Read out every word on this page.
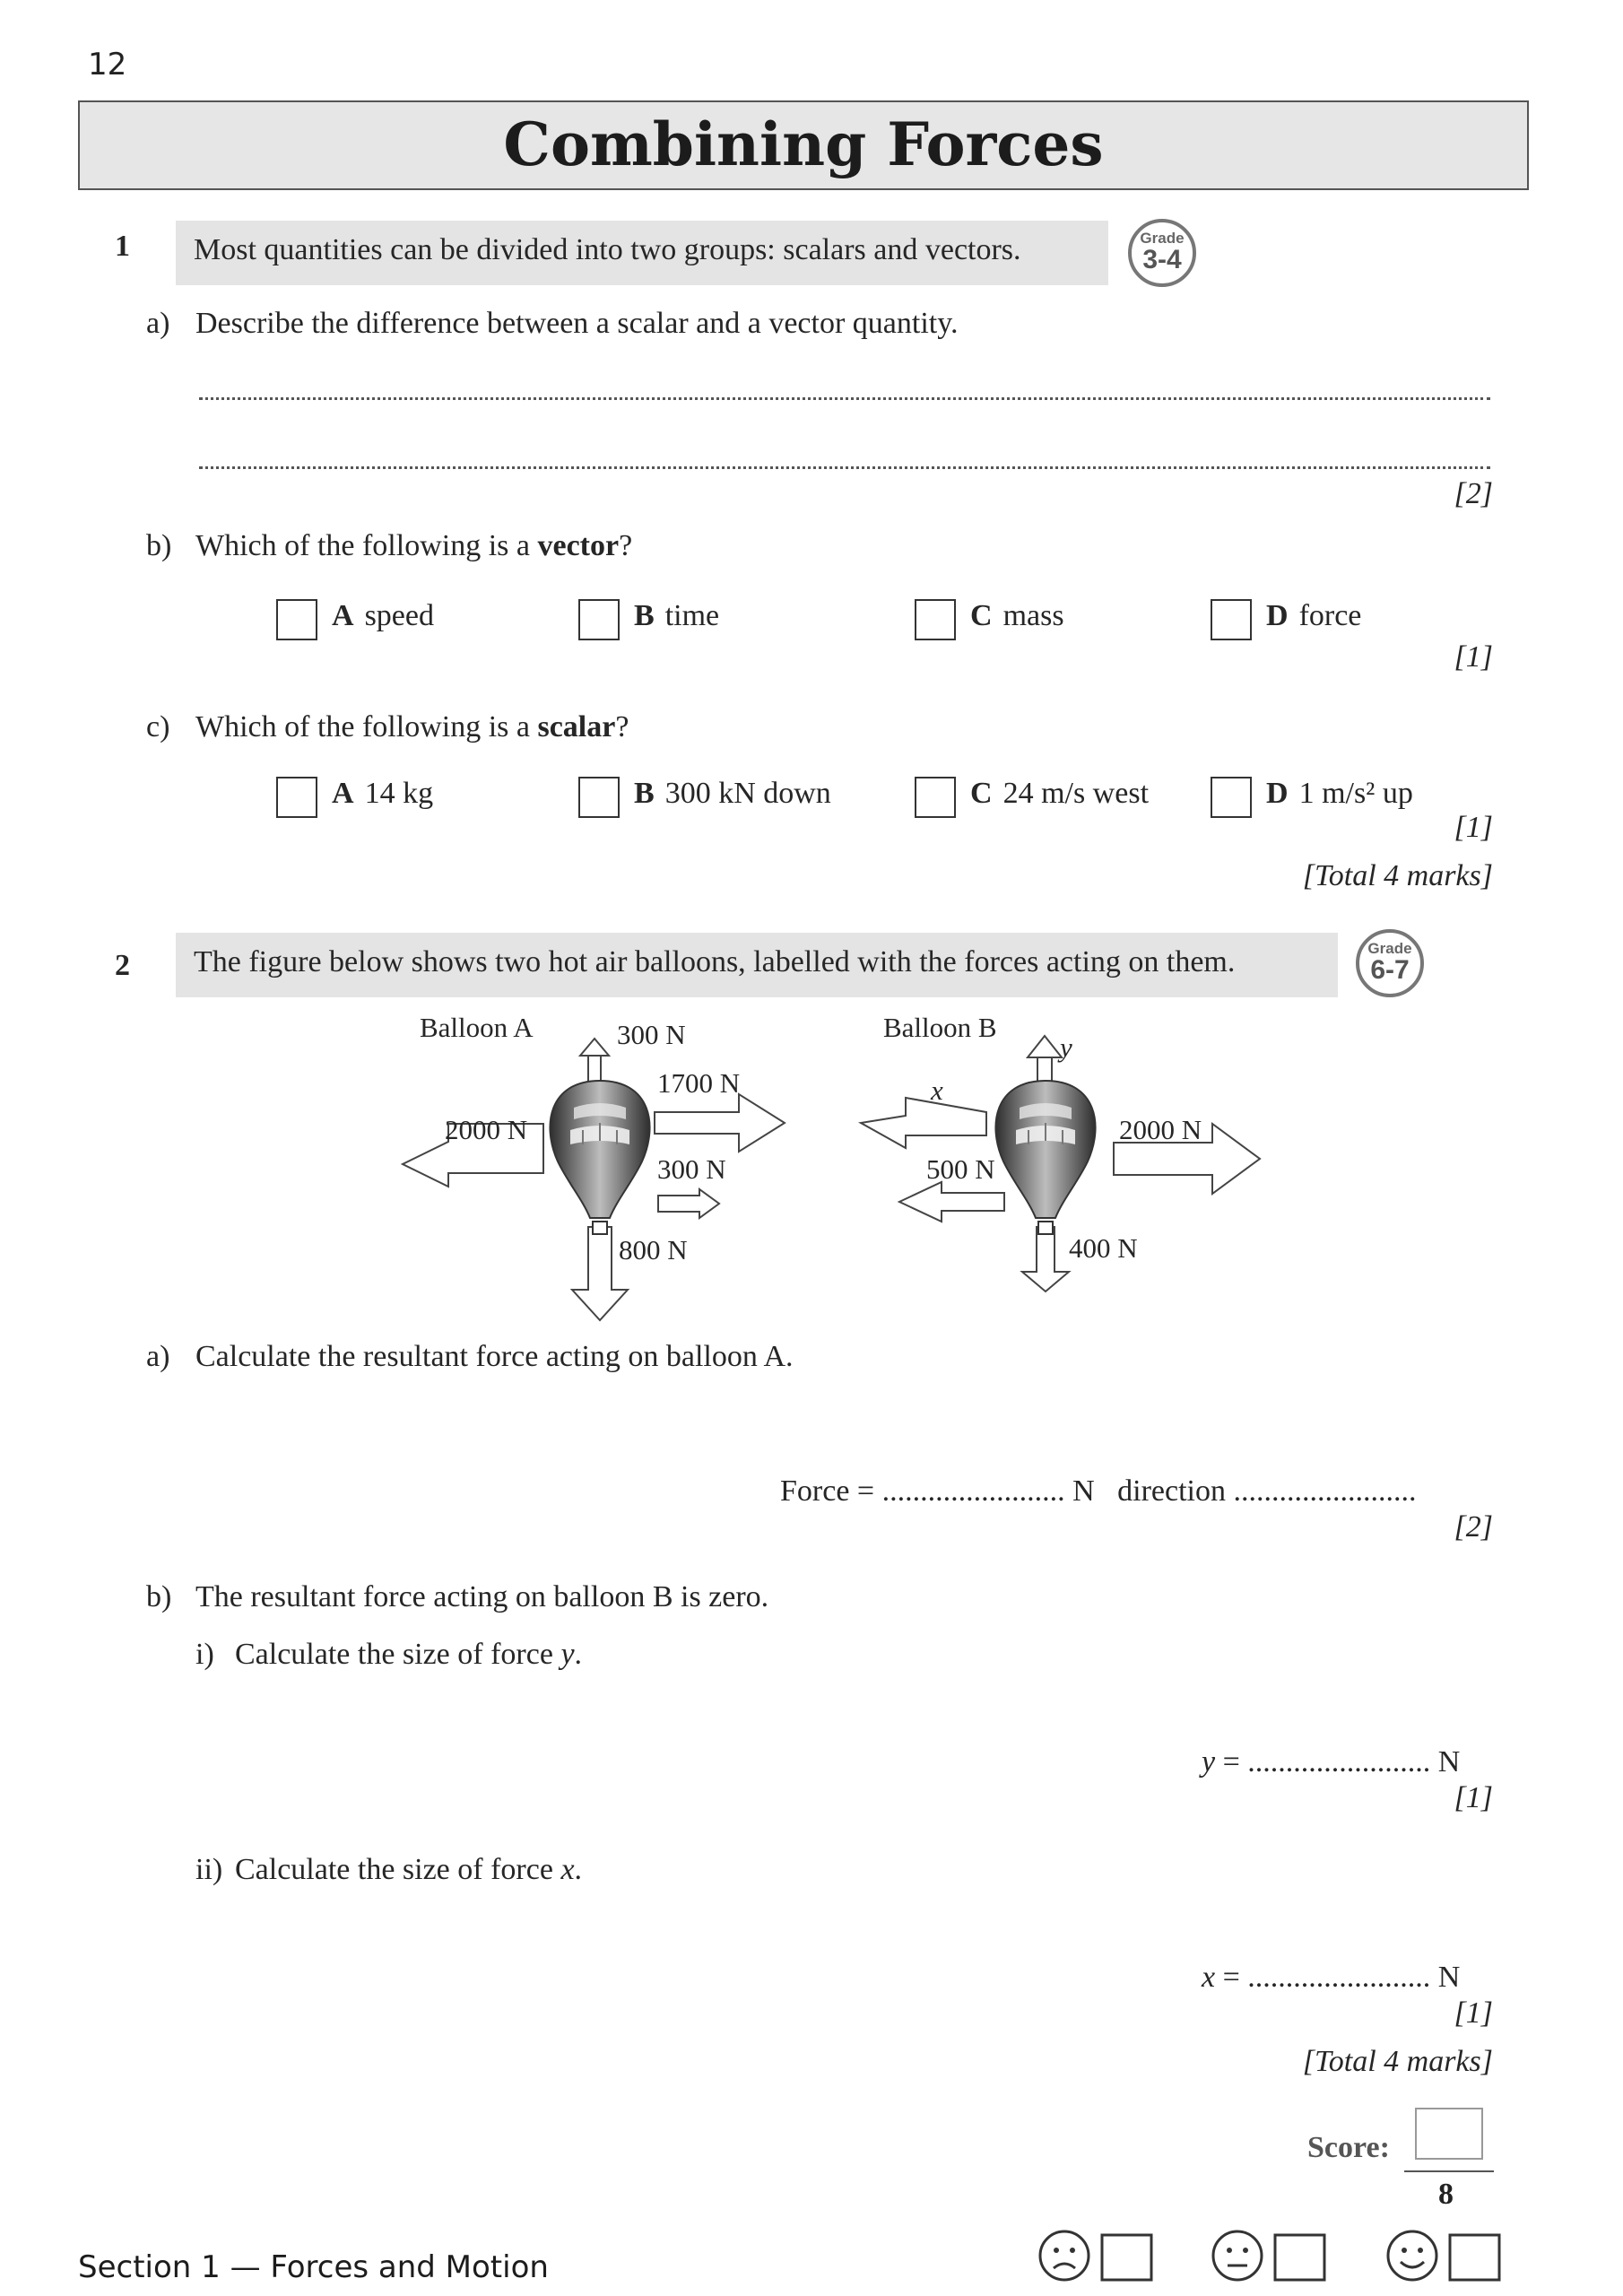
12
Combining Forces
1	Most quantities can be divided into two groups: scalars and vectors.	Grade
3-4
a) Describe the difference between a scalar and a vector quantity.
[2]
b) Which of the following is a vector?
A speed	B time	C mass	D force
[1]
c) Which of the following is a scalar?
A 14 kg	B 300 kN down	C 24 m/s west	D 1 m/s² up
[1]
[Total 4 marks]
2	The figure below shows two hot air balloons, labelled with the forces acting on them.	Grade
6-7
Balloon A	300 N
1700 N
2000 N
300 N
800 N
Balloon B
y
x
2000 N
500 N
400 N
a) Calculate the resultant force acting on balloon A.
Force = ........................ N direction ........................
[2]
b) The resultant force acting on balloon B is zero.
i) Calculate the size of force y.
y = ........................ N
[1]
ii) Calculate the size of force x.
x = ........................ N
[1]
[Total 4 marks]
Score:
8
Section 1 — Forces and Motion
